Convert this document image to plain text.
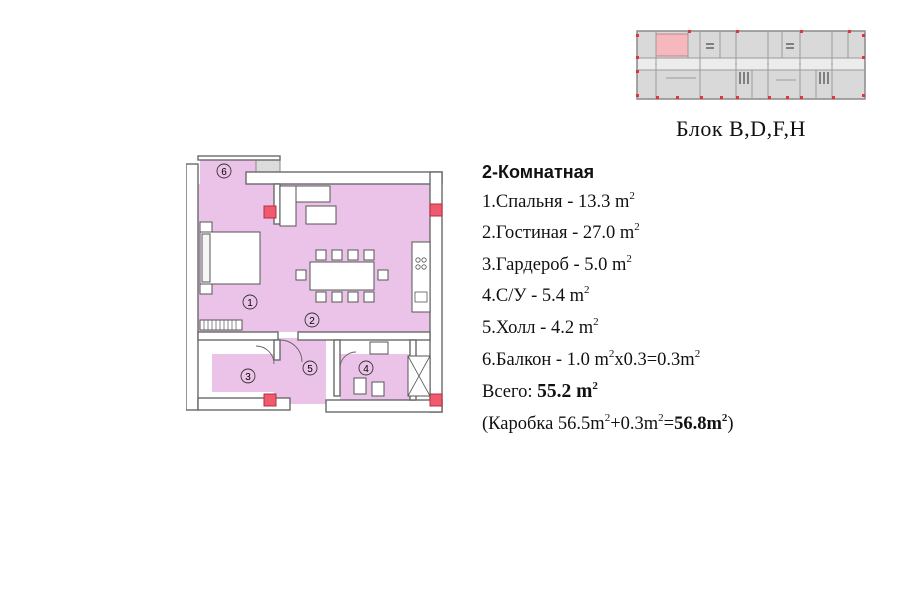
Блок B,D,F,H
6
1
2
3
5	4
2-Комнатная
1.Спальня - 13.3 $m^2$
2.Гостиная - 27.0 $m^2$
3.Гардероб - 5.0 $m^2$
4.С/У - 5.4 $m^2$
5.Холл - 4.2 $m^2$
6.Балкон - 1.0 $m^2x0.3=0.3m^2$
Всего: 55.2 $m^2$
(Каробка $56.5m^2+0.3m^2=56.8m^2$)
